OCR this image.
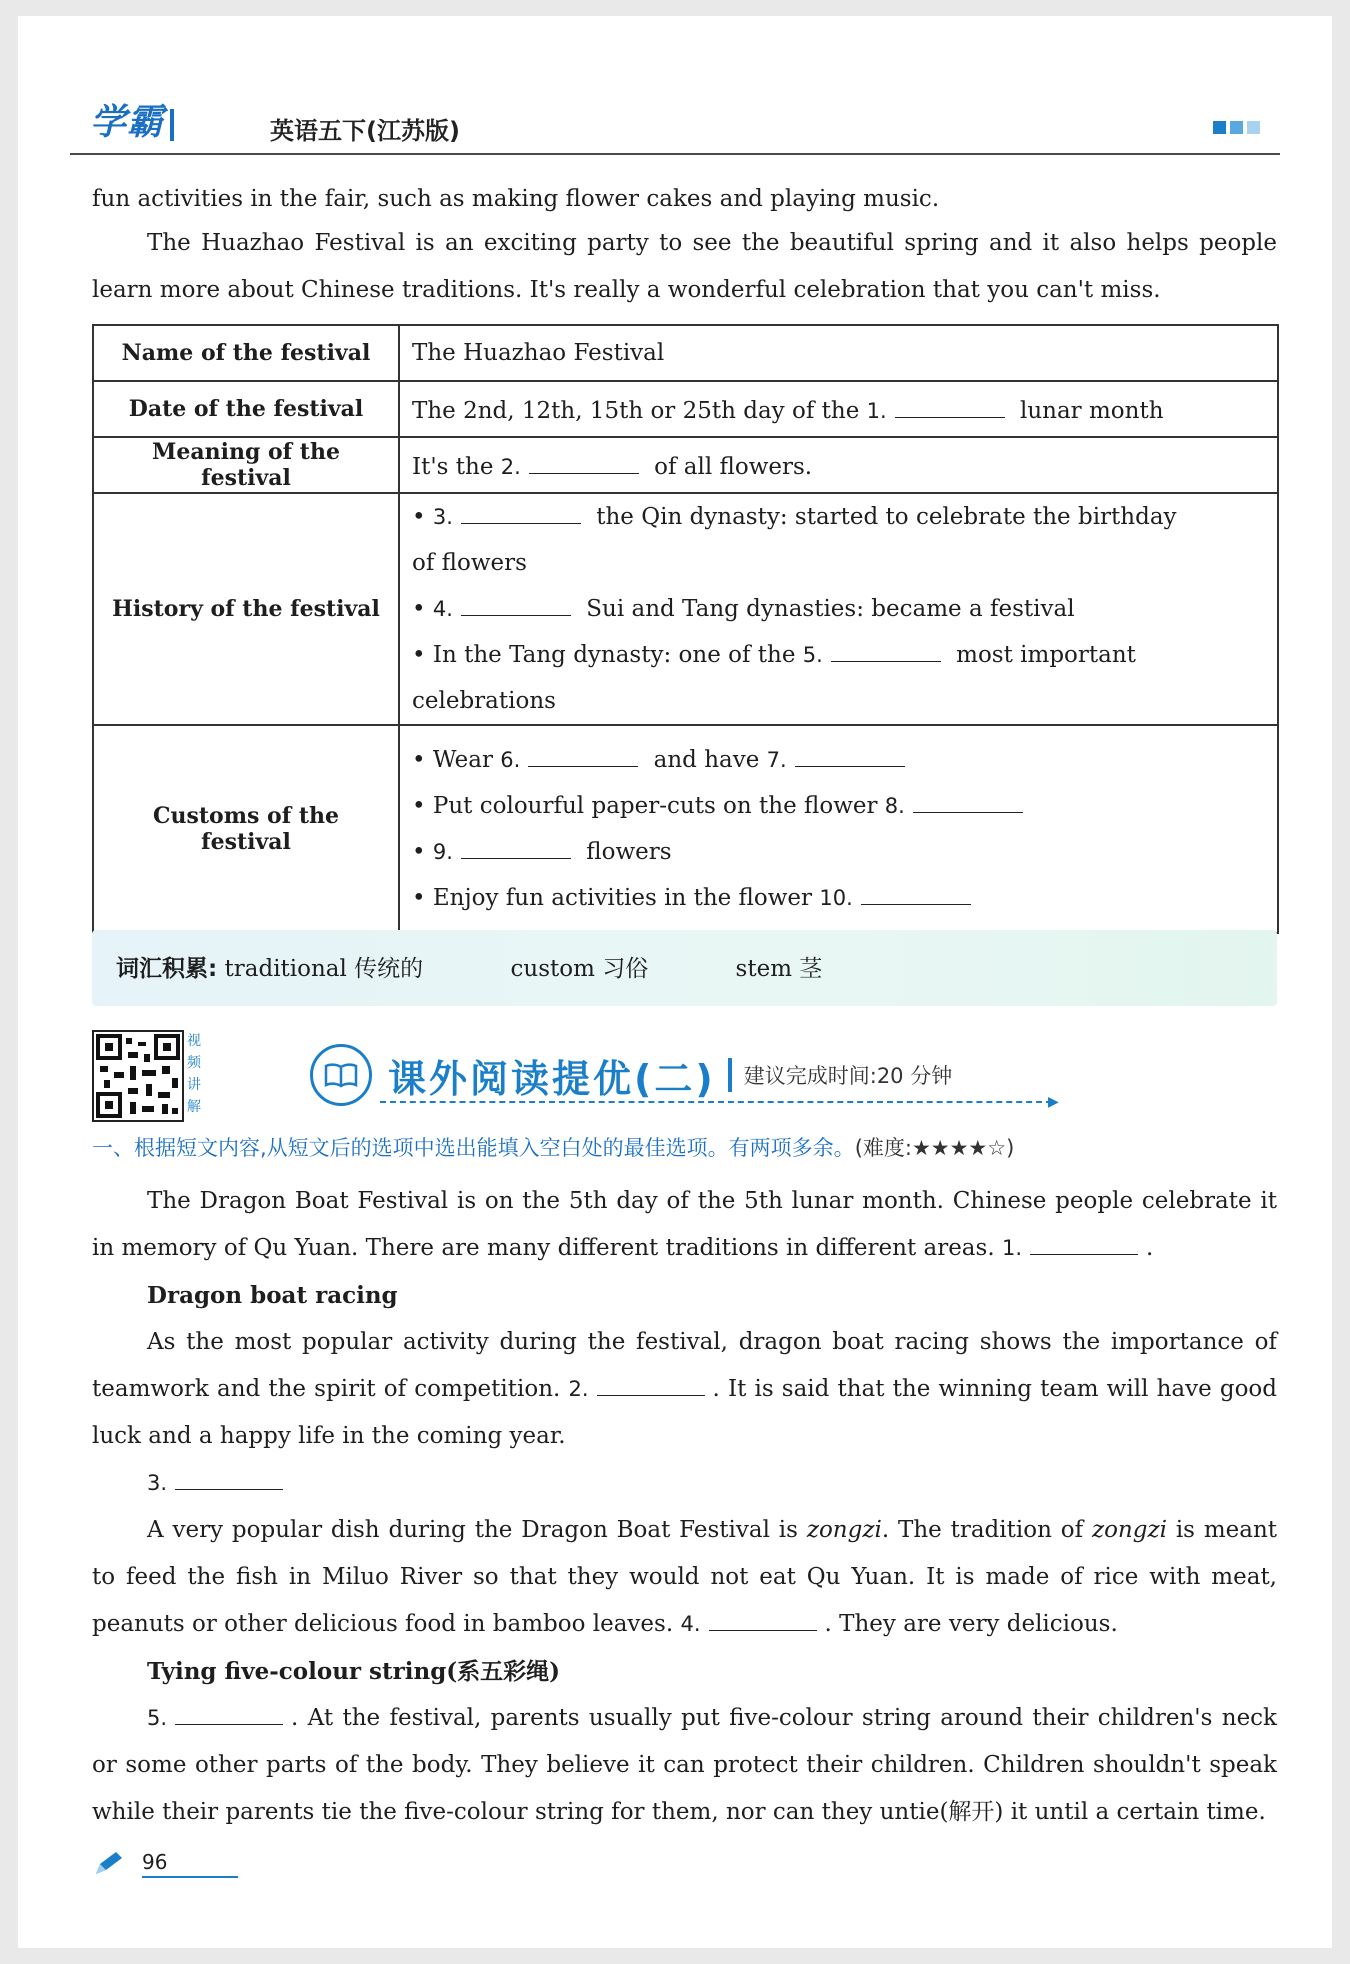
学霸	英语五下(江苏版)
fun activities in the fair, such as making flower cakes and playing music.
The Huazhao Festival is an exciting party to see the beautiful spring and it also helps people learn more about Chinese traditions. It's really a wonderful celebration that you can't miss.
Name of the festival	The Huazhao Festival
Date of the festival	The 2nd, 12th, 15th or 25th day of the 1. lunar month
Meaning of the festival	It's the 2. of all flowers.
History of the festival	• 3. the Qin dynasty: started to celebrate the birthday
of flowers
• 4. Sui and Tang dynasties: became a festival
• In the Tang dynasty: one of the 5. most important celebrations

Customs of the festival	• Wear 6. and have 7.
• Put colourful paper-cuts on the flower 8.
• 9. flowers
• Enjoy fun activities in the flower 10.
词汇积累: traditional 传统的	custom 习俗	stem 茎
视频讲解
课外阅读提优(二) 建议完成时间:20 分钟
▶
一、根据短文内容,从短文后的选项中选出能填入空白处的最佳选项。有两项多余。(难度:★★★★☆)
The Dragon Boat Festival is on the 5th day of the 5th lunar month. Chinese people celebrate it in memory of Qu Yuan. There are many different traditions in different areas. 1.	.
Dragon boat racing
As the most popular activity during the festival, dragon boat racing shows the importance of teamwork and the spirit of competition. 2.	. It is said that the winning team will have good luck and a happy life in the coming year.
3.
A very popular dish during the Dragon Boat Festival is zongzi. The tradition of zongzi is meant to feed the fish in Miluo River so that they would not eat Qu Yuan. It is made of rice with meat, peanuts or other delicious food in bamboo leaves. 4.	. They are very delicious.
Tying five-colour string(系五彩绳)
5.	. At the festival, parents usually put five-colour string around their children's neck or some other parts of the body. They believe it can protect their children. Children shouldn't speak while their parents tie the five-colour string for them, nor can they untie(解开) it until a certain time.
96
